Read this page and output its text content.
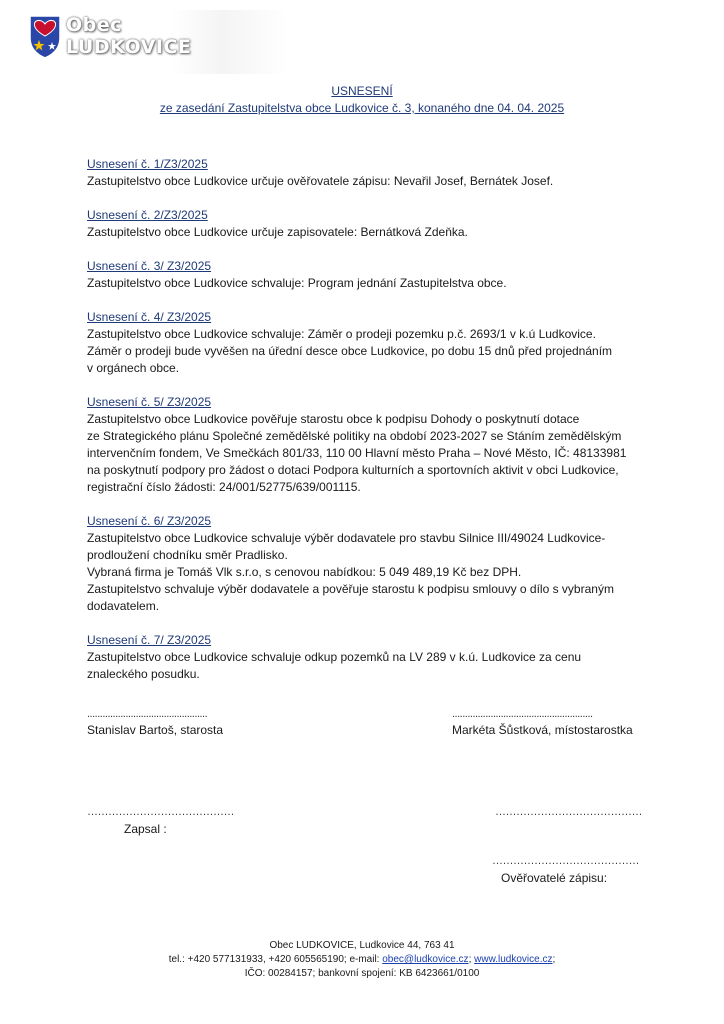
Obec
LUDKOVICE
USNESENÍ
ze zasedání Zastupitelstva obce Ludkovice č. 3, konaného dne 04. 04. 2025
Usnesení č. 1/Z3/2025
Zastupitelstvo obce Ludkovice určuje ověřovatele zápisu: Nevařil Josef, Bernátek Josef.
Usnesení č. 2/Z3/2025
Zastupitelstvo obce Ludkovice určuje zapisovatele: Bernátková Zdeňka.
Usnesení č. 3/ Z3/2025
Zastupitelstvo obce Ludkovice schvaluje: Program jednání Zastupitelstva obce.
Usnesení č. 4/ Z3/2025
Zastupitelstvo obce Ludkovice schvaluje: Záměr o prodeji pozemku p.č. 2693/1 v k.ú Ludkovice.
Záměr o prodeji bude vyvěšen na úřední desce obce Ludkovice, po dobu 15 dnů před projednáním
v orgánech obce.
Usnesení č. 5/ Z3/2025
Zastupitelstvo obce Ludkovice pověřuje starostu obce k podpisu Dohody o poskytnutí dotace
ze Strategického plánu Společné zemědělské politiky na období 2023-2027 se Stáním zemědělským
intervenčním fondem, Ve Smečkách 801/33, 110 00 Hlavní město Praha – Nové Město, IČ: 48133981
na poskytnutí podpory pro žádost o dotaci Podpora kulturních a sportovních aktivit v obci Ludkovice,
registrační číslo žádosti: 24/001/52775/639/001115.
Usnesení č. 6/ Z3/2025
Zastupitelstvo obce Ludkovice schvaluje výběr dodavatele pro stavbu Silnice III/49024 Ludkovice-
prodloužení chodníku směr Pradlisko.
Vybraná firma je Tomáš Vlk s.r.o, s cenovou nabídkou: 5 049 489,19 Kč bez DPH.
Zastupitelstvo schvaluje výběr dodavatele a pověřuje starostu k podpisu smlouvy o dílo s vybraným
dodavatelem.
Usnesení č. 7/ Z3/2025
Zastupitelstvo obce Ludkovice schvaluje odkup pozemků na LV 289 v k.ú. Ludkovice za cenu
znaleckého posudku.
...............................................
Stanislav Bartoš, starosta
.......................................................
Markéta Šůstková, místostarostka
……………………………………
Zapsal :
……………………………………
……………………………………
Ověřovatelé zápisu:
Obec LUDKOVICE, Ludkovice 44, 763 41
tel.: +420 577131933, +420 605565190; e-mail: obec@ludkovice.cz; www.ludkovice.cz;
IČO: 00284157; bankovní spojení: KB 6423661/0100
